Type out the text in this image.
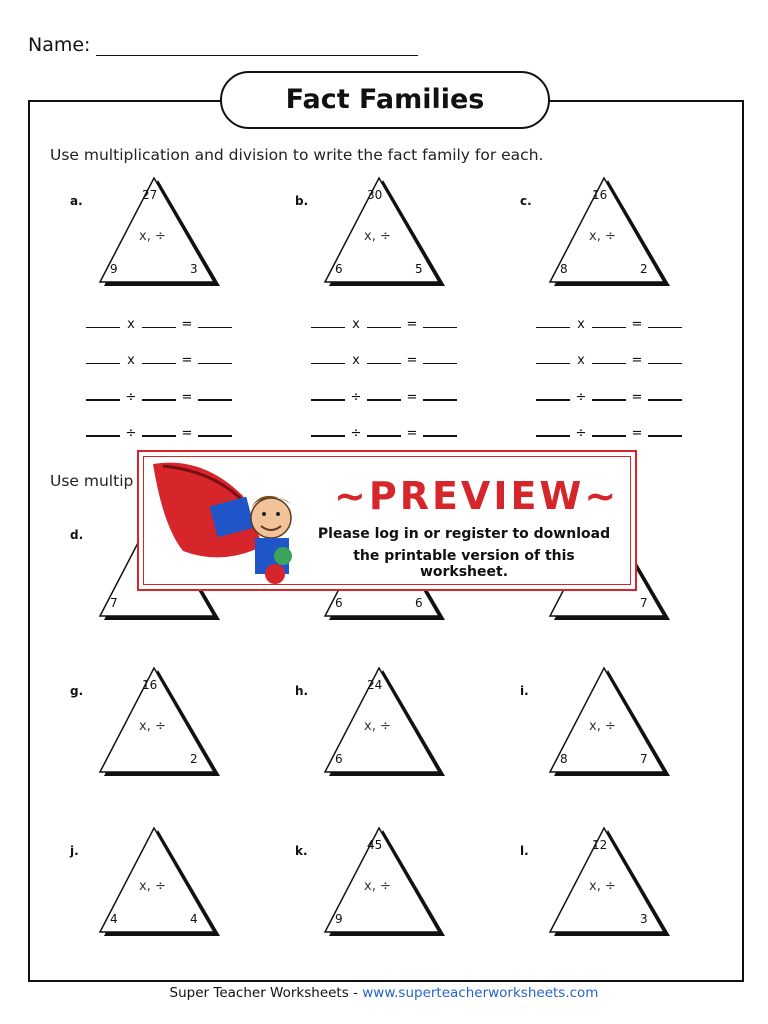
Name:
Fact Families
Use multiplication and division to write the fact family for each.
Use multip
a.	27
9	3
x, ÷
b.	30
6	5
x, ÷
c.	16
8	2
x, ÷
d.
7	6	6	7
g.	16
2
x, ÷
h.	24
6
x, ÷
i.
8	7
x, ÷
j.
4	4
x, ÷
k.	45
9
x, ÷
l.	12
3
x, ÷
x	=
x	=
÷	=
÷	=
x	=
x	=
÷	=
÷	=
x	=
x	=
÷	=
÷	=
~PREVIEW~
Please log in or register to download
the printable version of this worksheet.
Super Teacher Worksheets - www.superteacherworksheets.com
